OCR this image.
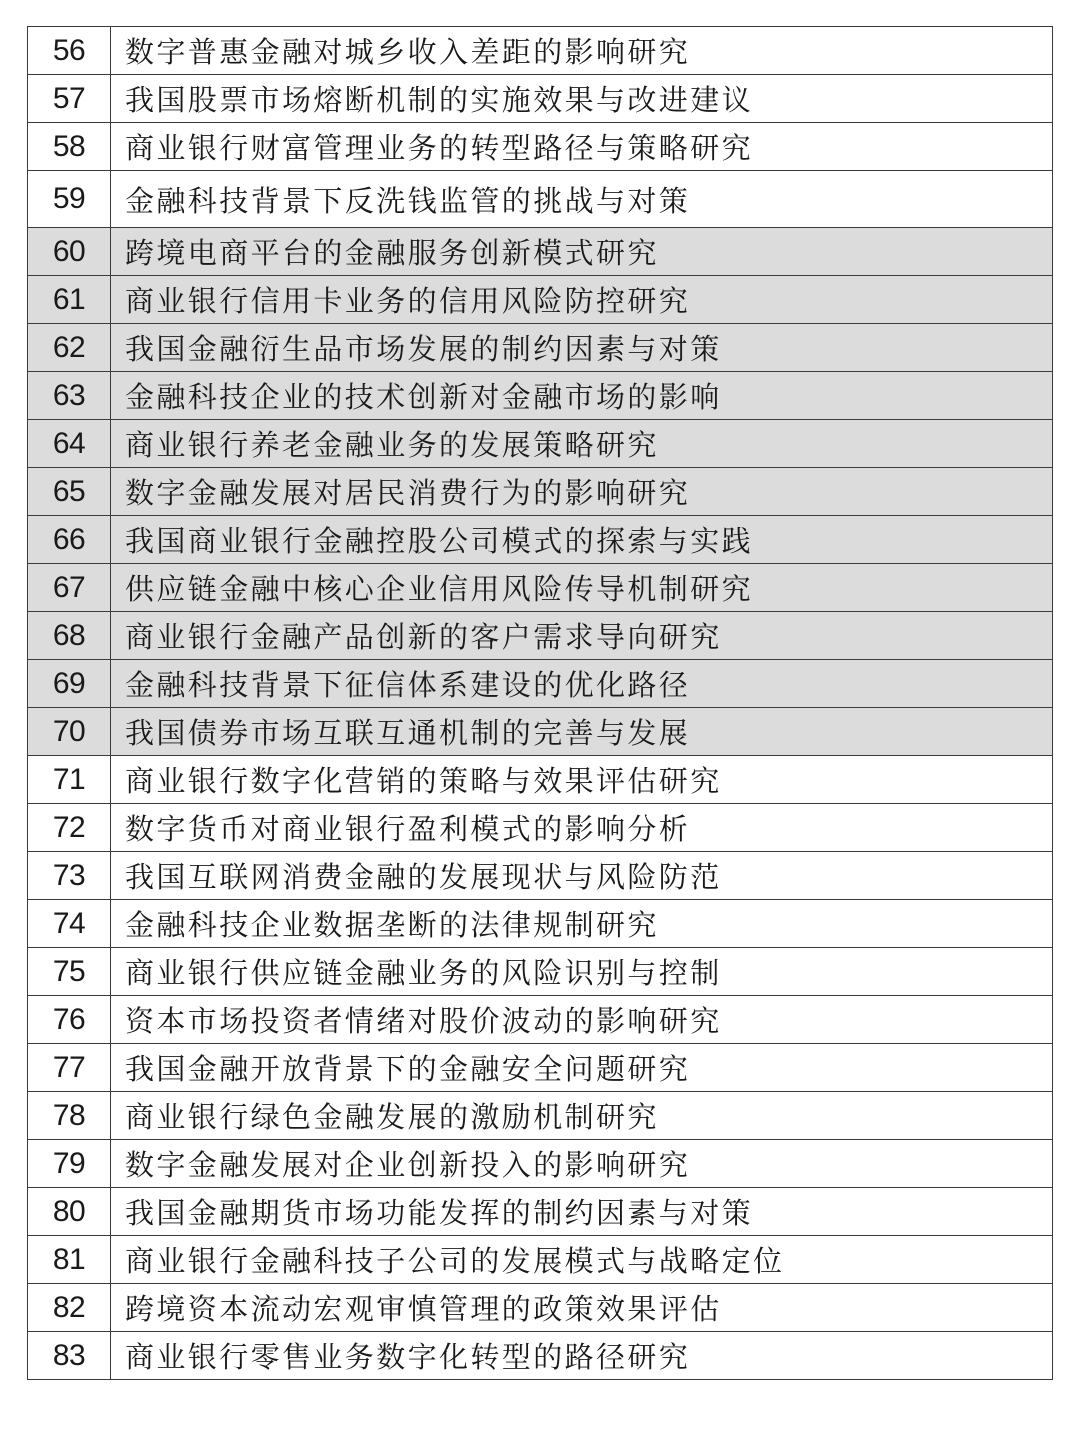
56	数字普惠金融对城乡收入差距的影响研究
57	我国股票市场熔断机制的实施效果与改进建议
58	商业银行财富管理业务的转型路径与策略研究
59	金融科技背景下反洗钱监管的挑战与对策
60	跨境电商平台的金融服务创新模式研究
61	商业银行信用卡业务的信用风险防控研究
62	我国金融衍生品市场发展的制约因素与对策
63	金融科技企业的技术创新对金融市场的影响
64	商业银行养老金融业务的发展策略研究
65	数字金融发展对居民消费行为的影响研究
66	我国商业银行金融控股公司模式的探索与实践
67	供应链金融中核心企业信用风险传导机制研究
68	商业银行金融产品创新的客户需求导向研究
69	金融科技背景下征信体系建设的优化路径
70	我国债券市场互联互通机制的完善与发展
71	商业银行数字化营销的策略与效果评估研究
72	数字货币对商业银行盈利模式的影响分析
73	我国互联网消费金融的发展现状与风险防范
74	金融科技企业数据垄断的法律规制研究
75	商业银行供应链金融业务的风险识别与控制
76	资本市场投资者情绪对股价波动的影响研究
77	我国金融开放背景下的金融安全问题研究
78	商业银行绿色金融发展的激励机制研究
79	数字金融发展对企业创新投入的影响研究
80	我国金融期货市场功能发挥的制约因素与对策
81	商业银行金融科技子公司的发展模式与战略定位
82	跨境资本流动宏观审慎管理的政策效果评估
83	商业银行零售业务数字化转型的路径研究
